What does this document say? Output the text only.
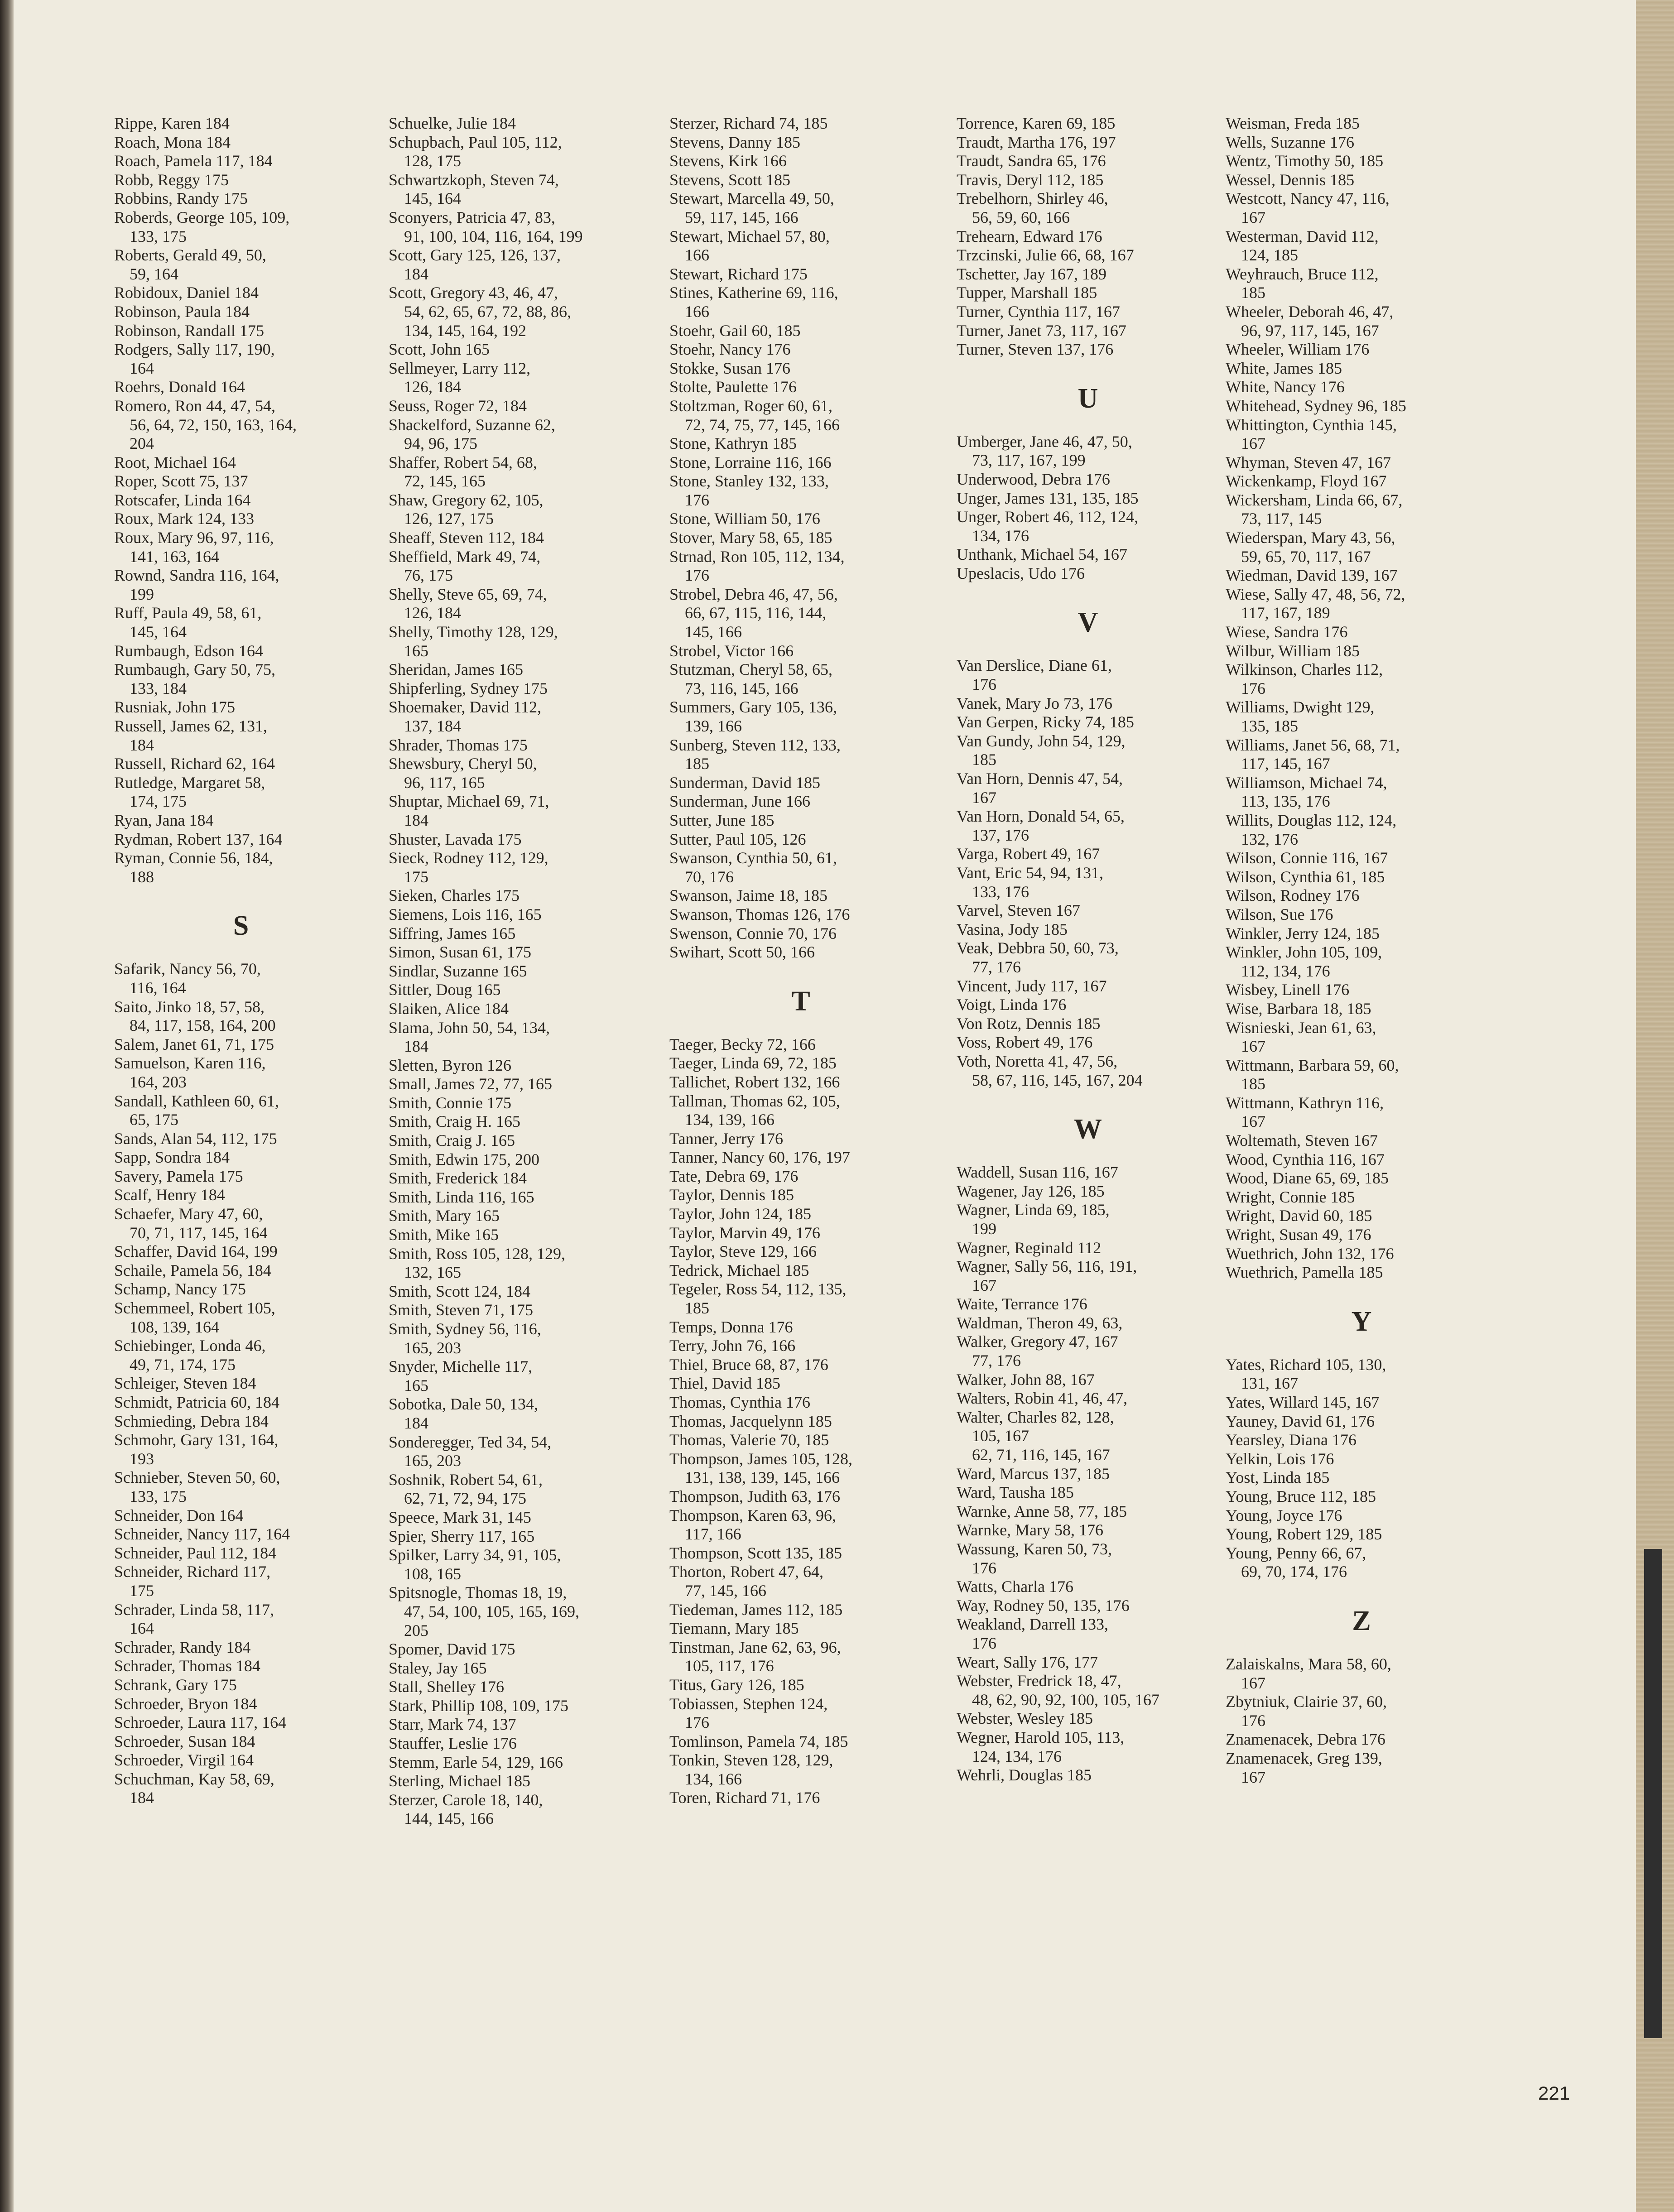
Rippe, Karen 184
Roach, Mona 184
Roach, Pamela 117, 184
Robb, Reggy 175
Robbins, Randy 175
Roberds, George 105, 109,
133, 175
Roberts, Gerald 49, 50,
59, 164
Robidoux, Daniel 184
Robinson, Paula 184
Robinson, Randall 175
Rodgers, Sally 117, 190,
164
Roehrs, Donald 164
Romero, Ron 44, 47, 54,
56, 64, 72, 150, 163, 164,
204
Root, Michael 164
Roper, Scott 75, 137
Rotscafer, Linda 164
Roux, Mark 124, 133
Roux, Mary 96, 97, 116,
141, 163, 164
Rownd, Sandra 116, 164,
199
Ruff, Paula 49, 58, 61,
145, 164
Rumbaugh, Edson 164
Rumbaugh, Gary 50, 75,
133, 184
Rusniak, John 175
Russell, James 62, 131,
184
Russell, Richard 62, 164
Rutledge, Margaret 58,
174, 175
Ryan, Jana 184
Rydman, Robert 137, 164
Ryman, Connie 56, 184,
188
S
Safarik, Nancy 56, 70,
116, 164
Saito, Jinko 18, 57, 58,
84, 117, 158, 164, 200
Salem, Janet 61, 71, 175
Samuelson, Karen 116,
164, 203
Sandall, Kathleen 60, 61,
65, 175
Sands, Alan 54, 112, 175
Sapp, Sondra 184
Savery, Pamela 175
Scalf, Henry 184
Schaefer, Mary 47, 60,
70, 71, 117, 145, 164
Schaffer, David 164, 199
Schaile, Pamela 56, 184
Schamp, Nancy 175
Schemmeel, Robert 105,
108, 139, 164
Schiebinger, Londa 46,
49, 71, 174, 175
Schleiger, Steven 184
Schmidt, Patricia 60, 184
Schmieding, Debra 184
Schmohr, Gary 131, 164,
193
Schnieber, Steven 50, 60,
133, 175
Schneider, Don 164
Schneider, Nancy 117, 164
Schneider, Paul 112, 184
Schneider, Richard 117,
175
Schrader, Linda 58, 117,
164
Schrader, Randy 184
Schrader, Thomas 184
Schrank, Gary 175
Schroeder, Bryon 184
Schroeder, Laura 117, 164
Schroeder, Susan 184
Schroeder, Virgil 164
Schuchman, Kay 58, 69,
184
Schuelke, Julie 184
Schupbach, Paul 105, 112,
128, 175
Schwartzkoph, Steven 74,
145, 164
Sconyers, Patricia 47, 83,
91, 100, 104, 116, 164, 199
Scott, Gary 125, 126, 137,
184
Scott, Gregory 43, 46, 47,
54, 62, 65, 67, 72, 88, 86,
134, 145, 164, 192
Scott, John 165
Sellmeyer, Larry 112,
126, 184
Seuss, Roger 72, 184
Shackelford, Suzanne 62,
94, 96, 175
Shaffer, Robert 54, 68,
72, 145, 165
Shaw, Gregory 62, 105,
126, 127, 175
Sheaff, Steven 112, 184
Sheffield, Mark 49, 74,
76, 175
Shelly, Steve 65, 69, 74,
126, 184
Shelly, Timothy 128, 129,
165
Sheridan, James 165
Shipferling, Sydney 175
Shoemaker, David 112,
137, 184
Shrader, Thomas 175
Shewsbury, Cheryl 50,
96, 117, 165
Shuptar, Michael 69, 71,
184
Shuster, Lavada 175
Sieck, Rodney 112, 129,
175
Sieken, Charles 175
Siemens, Lois 116, 165
Siffring, James 165
Simon, Susan 61, 175
Sindlar, Suzanne 165
Sittler, Doug 165
Slaiken, Alice 184
Slama, John 50, 54, 134,
184
Sletten, Byron 126
Small, James 72, 77, 165
Smith, Connie 175
Smith, Craig H. 165
Smith, Craig J. 165
Smith, Edwin 175, 200
Smith, Frederick 184
Smith, Linda 116, 165
Smith, Mary 165
Smith, Mike 165
Smith, Ross 105, 128, 129,
132, 165
Smith, Scott 124, 184
Smith, Steven 71, 175
Smith, Sydney 56, 116,
165, 203
Snyder, Michelle 117,
165
Sobotka, Dale 50, 134,
184
Sonderegger, Ted 34, 54,
165, 203
Soshnik, Robert 54, 61,
62, 71, 72, 94, 175
Speece, Mark 31, 145
Spier, Sherry 117, 165
Spilker, Larry 34, 91, 105,
108, 165
Spitsnogle, Thomas 18, 19,
47, 54, 100, 105, 165, 169,
205
Spomer, David 175
Staley, Jay 165
Stall, Shelley 176
Stark, Phillip 108, 109, 175
Starr, Mark 74, 137
Stauffer, Leslie 176
Stemm, Earle 54, 129, 166
Sterling, Michael 185
Sterzer, Carole 18, 140,
144, 145, 166
Sterzer, Richard 74, 185
Stevens, Danny 185
Stevens, Kirk 166
Stevens, Scott 185
Stewart, Marcella 49, 50,
59, 117, 145, 166
Stewart, Michael 57, 80,
166
Stewart, Richard 175
Stines, Katherine 69, 116,
166
Stoehr, Gail 60, 185
Stoehr, Nancy 176
Stokke, Susan 176
Stolte, Paulette 176
Stoltzman, Roger 60, 61,
72, 74, 75, 77, 145, 166
Stone, Kathryn 185
Stone, Lorraine 116, 166
Stone, Stanley 132, 133,
176
Stone, William 50, 176
Stover, Mary 58, 65, 185
Strnad, Ron 105, 112, 134,
176
Strobel, Debra 46, 47, 56,
66, 67, 115, 116, 144,
145, 166
Strobel, Victor 166
Stutzman, Cheryl 58, 65,
73, 116, 145, 166
Summers, Gary 105, 136,
139, 166
Sunberg, Steven 112, 133,
185
Sunderman, David 185
Sunderman, June 166
Sutter, June 185
Sutter, Paul 105, 126
Swanson, Cynthia 50, 61,
70, 176
Swanson, Jaime 18, 185
Swanson, Thomas 126, 176
Swenson, Connie 70, 176
Swihart, Scott 50, 166
T
Taeger, Becky 72, 166
Taeger, Linda 69, 72, 185
Tallichet, Robert 132, 166
Tallman, Thomas 62, 105,
134, 139, 166
Tanner, Jerry 176
Tanner, Nancy 60, 176, 197
Tate, Debra 69, 176
Taylor, Dennis 185
Taylor, John 124, 185
Taylor, Marvin 49, 176
Taylor, Steve 129, 166
Tedrick, Michael 185
Tegeler, Ross 54, 112, 135,
185
Temps, Donna 176
Terry, John 76, 166
Thiel, Bruce 68, 87, 176
Thiel, David 185
Thomas, Cynthia 176
Thomas, Jacquelynn 185
Thomas, Valerie 70, 185
Thompson, James 105, 128,
131, 138, 139, 145, 166
Thompson, Judith 63, 176
Thompson, Karen 63, 96,
117, 166
Thompson, Scott 135, 185
Thorton, Robert 47, 64,
77, 145, 166
Tiedeman, James 112, 185
Tiemann, Mary 185
Tinstman, Jane 62, 63, 96,
105, 117, 176
Titus, Gary 126, 185
Tobiassen, Stephen 124,
176
Tomlinson, Pamela 74, 185
Tonkin, Steven 128, 129,
134, 166
Toren, Richard 71, 176
Torrence, Karen 69, 185
Traudt, Martha 176, 197
Traudt, Sandra 65, 176
Travis, Deryl 112, 185
Trebelhorn, Shirley 46,
56, 59, 60, 166
Trehearn, Edward 176
Trzcinski, Julie 66, 68, 167
Tschetter, Jay 167, 189
Tupper, Marshall 185
Turner, Cynthia 117, 167
Turner, Janet 73, 117, 167
Turner, Steven 137, 176
U
Umberger, Jane 46, 47, 50,
73, 117, 167, 199
Underwood, Debra 176
Unger, James 131, 135, 185
Unger, Robert 46, 112, 124,
134, 176
Unthank, Michael 54, 167
Upeslacis, Udo 176
V
Van Derslice, Diane 61,
176
Vanek, Mary Jo 73, 176
Van Gerpen, Ricky 74, 185
Van Gundy, John 54, 129,
185
Van Horn, Dennis 47, 54,
167
Van Horn, Donald 54, 65,
137, 176
Varga, Robert 49, 167
Vant, Eric 54, 94, 131,
133, 176
Varvel, Steven 167
Vasina, Jody 185
Veak, Debbra 50, 60, 73,
77, 176
Vincent, Judy 117, 167
Voigt, Linda 176
Von Rotz, Dennis 185
Voss, Robert 49, 176
Voth, Noretta 41, 47, 56,
58, 67, 116, 145, 167, 204
W
Waddell, Susan 116, 167
Wagener, Jay 126, 185
Wagner, Linda 69, 185,
199
Wagner, Reginald 112
Wagner, Sally 56, 116, 191,
167
Waite, Terrance 176
Waldman, Theron 49, 63,
Walker, Gregory 47, 167
77, 176
Walker, John 88, 167
Walters, Robin 41, 46, 47,
Walter, Charles 82, 128,
105, 167
62, 71, 116, 145, 167
Ward, Marcus 137, 185
Ward, Tausha 185
Warnke, Anne 58, 77, 185
Warnke, Mary 58, 176
Wassung, Karen 50, 73,
176
Watts, Charla 176
Way, Rodney 50, 135, 176
Weakland, Darrell 133,
176
Weart, Sally 176, 177
Webster, Fredrick 18, 47,
48, 62, 90, 92, 100, 105, 167
Webster, Wesley 185
Wegner, Harold 105, 113,
124, 134, 176
Wehrli, Douglas 185
Weisman, Freda 185
Wells, Suzanne 176
Wentz, Timothy 50, 185
Wessel, Dennis 185
Westcott, Nancy 47, 116,
167
Westerman, David 112,
124, 185
Weyhrauch, Bruce 112,
185
Wheeler, Deborah 46, 47,
96, 97, 117, 145, 167
Wheeler, William 176
White, James 185
White, Nancy 176
Whitehead, Sydney 96, 185
Whittington, Cynthia 145,
167
Whyman, Steven 47, 167
Wickenkamp, Floyd 167
Wickersham, Linda 66, 67,
73, 117, 145
Wiederspan, Mary 43, 56,
59, 65, 70, 117, 167
Wiedman, David 139, 167
Wiese, Sally 47, 48, 56, 72,
117, 167, 189
Wiese, Sandra 176
Wilbur, William 185
Wilkinson, Charles 112,
176
Williams, Dwight 129,
135, 185
Williams, Janet 56, 68, 71,
117, 145, 167
Williamson, Michael 74,
113, 135, 176
Willits, Douglas 112, 124,
132, 176
Wilson, Connie 116, 167
Wilson, Cynthia 61, 185
Wilson, Rodney 176
Wilson, Sue 176
Winkler, Jerry 124, 185
Winkler, John 105, 109,
112, 134, 176
Wisbey, Linell 176
Wise, Barbara 18, 185
Wisnieski, Jean 61, 63,
167
Wittmann, Barbara 59, 60,
185
Wittmann, Kathryn 116,
167
Woltemath, Steven 167
Wood, Cynthia 116, 167
Wood, Diane 65, 69, 185
Wright, Connie 185
Wright, David 60, 185
Wright, Susan 49, 176
Wuethrich, John 132, 176
Wuethrich, Pamella 185
Y
Yates, Richard 105, 130,
131, 167
Yates, Willard 145, 167
Yauney, David 61, 176
Yearsley, Diana 176
Yelkin, Lois 176
Yost, Linda 185
Young, Bruce 112, 185
Young, Joyce 176
Young, Robert 129, 185
Young, Penny 66, 67,
69, 70, 174, 176
Z
Zalaiskalns, Mara 58, 60,
167
Zbytniuk, Clairie 37, 60,
176
Znamenacek, Debra 176
Znamenacek, Greg 139,
167
221
